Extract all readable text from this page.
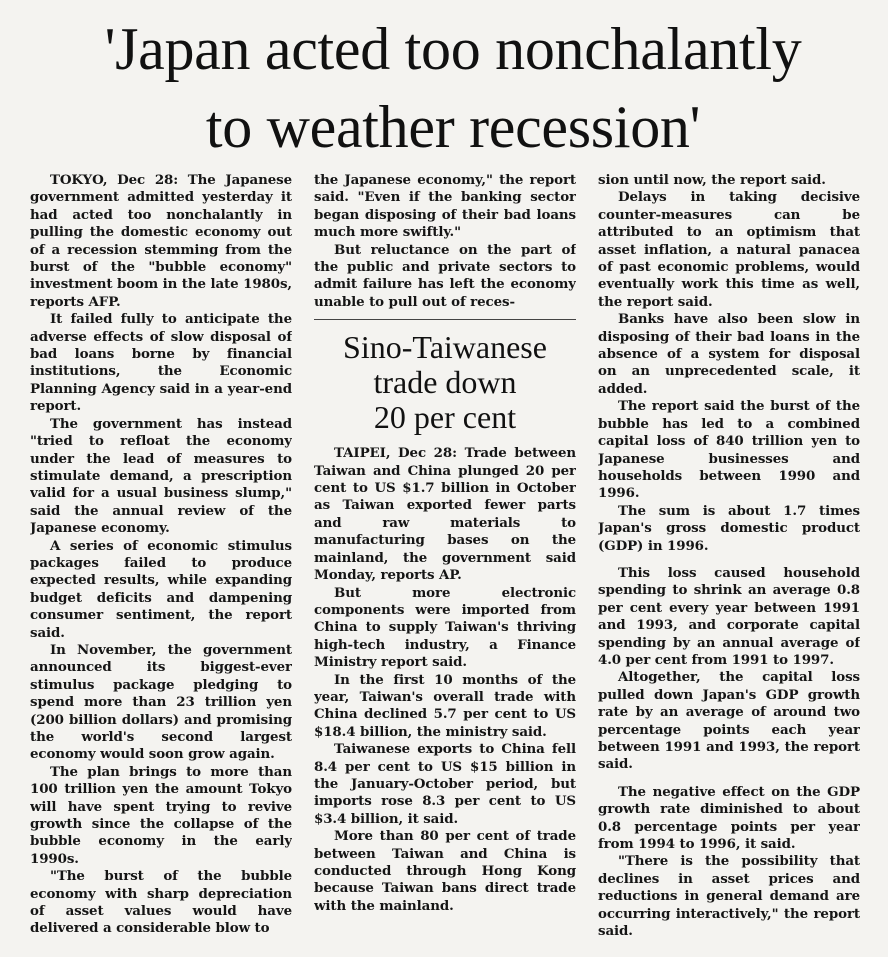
'Japan acted too nonchalantly
to weather recession'

TOKYO, Dec 28: The Japanese government admitted yesterday it had acted too nonchalantly in pulling the domestic economy out of a recession stemming from the burst of the "bubble economy" investment boom in the late 1980s, reports AFP.

It failed fully to anticipate the adverse effects of slow disposal of bad loans borne by financial institutions, the Economic Planning Agency said in a year-end report.

The government has instead "tried to refloat the economy under the lead of measures to stimulate demand, a prescription valid for a usual business slump," said the annual review of the Japanese economy.

A series of economic stimulus packages failed to produce expected results, while expanding budget deficits and dampening consumer sentiment, the report said.

In November, the government announced its biggest-ever stimulus package pledging to spend more than 23 trillion yen (200 billion dollars) and promising the world's second largest economy would soon grow again.

The plan brings to more than 100 trillion yen the amount Tokyo will have spent trying to revive growth since the collapse of the bubble economy in the early 1990s.

"The burst of the bubble economy with sharp depreciation of asset values would have delivered a considerable blow to

the Japanese economy," the report said. "Even if the banking sector began disposing of their bad loans much more swiftly."

But reluctance on the part of the public and private sectors to admit failure has left the economy unable to pull out of reces-

Sino-Taiwanese
trade down
20 per cent

TAIPEI, Dec 28: Trade between Taiwan and China plunged 20 per cent to US $1.7 billion in October as Taiwan exported fewer parts and raw materials to manufacturing bases on the mainland, the government said Monday, reports AP.

But more electronic components were imported from China to supply Taiwan's thriving high-tech industry, a Finance Ministry report said.

In the first 10 months of the year, Taiwan's overall trade with China declined 5.7 per cent to US $18.4 billion, the ministry said.

Taiwanese exports to China fell 8.4 per cent to US $15 billion in the January-October period, but imports rose 8.3 per cent to US $3.4 billion, it said.

More than 80 per cent of trade between Taiwan and China is conducted through Hong Kong because Taiwan bans direct trade with the mainland.

sion until now, the report said.

Delays in taking decisive counter-measures can be attributed to an optimism that asset inflation, a natural panacea of past economic problems, would eventually work this time as well, the report said.

Banks have also been slow in disposing of their bad loans in the absence of a system for disposal on an unprecedented scale, it added.

The report said the burst of the bubble has led to a combined capital loss of 840 trillion yen to Japanese businesses and households between 1990 and 1996.

The sum is about 1.7 times Japan's gross domestic product (GDP) in 1996.

This loss caused household spending to shrink an average 0.8 per cent every year between 1991 and 1993, and corporate capital spending by an annual average of 4.0 per cent from 1991 to 1997.

Altogether, the capital loss pulled down Japan's GDP growth rate by an average of around two percentage points each year between 1991 and 1993, the report said.

The negative effect on the GDP growth rate diminished to about 0.8 percentage points per year from 1994 to 1996, it said.

"There is the possibility that declines in asset prices and reductions in general demand are occurring interactively," the report said.
